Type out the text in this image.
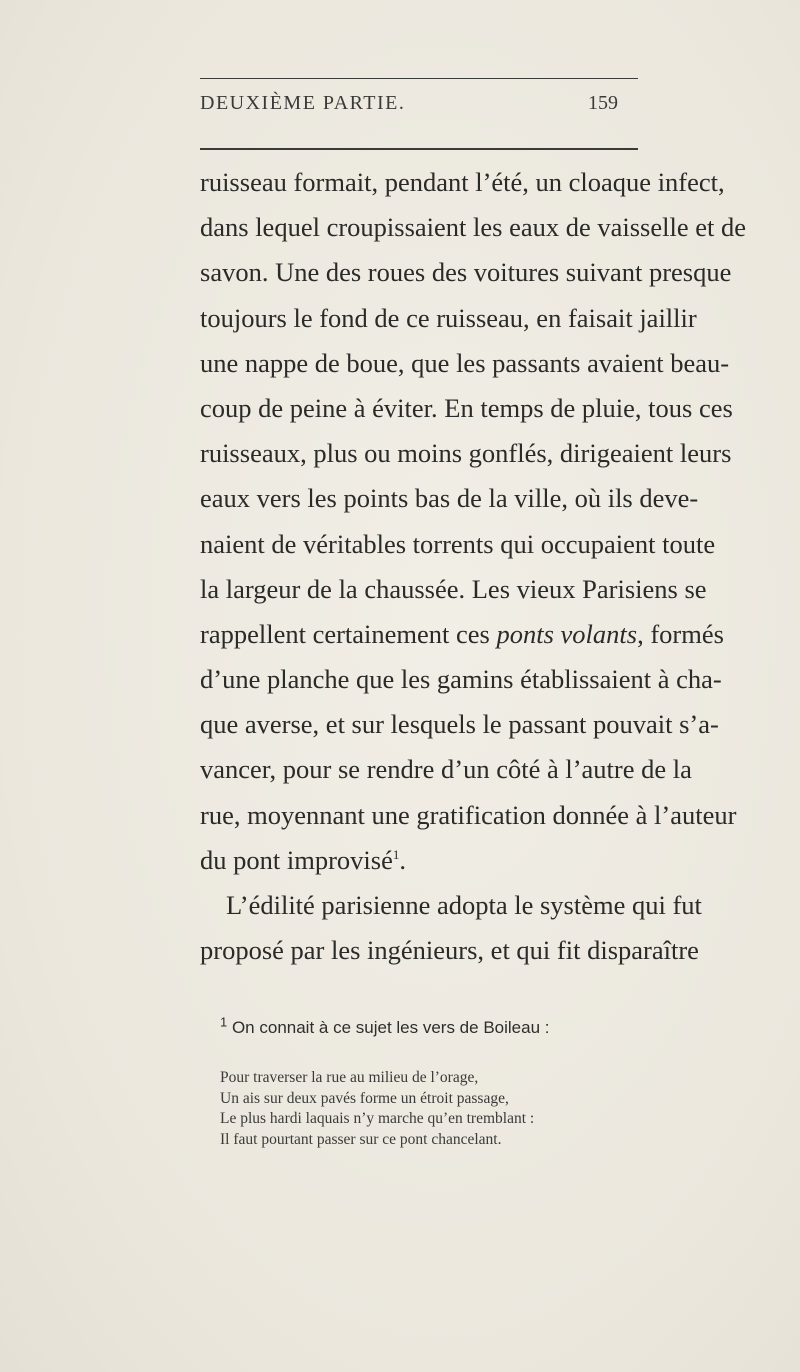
DEUXIÈME PARTIE.	159
ruisseau formait, pendant l’été, un cloaque infect,
dans lequel croupissaient les eaux de vaisselle et de
savon. Une des roues des voitures suivant presque
toujours le fond de ce ruisseau, en faisait jaillir
une nappe de boue, que les passants avaient beau-
coup de peine à éviter. En temps de pluie, tous ces
ruisseaux, plus ou moins gonflés, dirigeaient leurs
eaux vers les points bas de la ville, où ils deve-
naient de véritables torrents qui occupaient toute
la largeur de la chaussée. Les vieux Parisiens se
rappellent certainement ces ponts volants, formés
d’une planche que les gamins établissaient à cha-
que averse, et sur lesquels le passant pouvait s’a-
vancer, pour se rendre d’un côté à l’autre de la
rue, moyennant une gratification donnée à l’auteur
du pont improvisé$^1$.
L’édilité parisienne adopta le système qui fut
proposé par les ingénieurs, et qui fit disparaître
$^1$ On connait à ce sujet les vers de Boileau :
Pour traverser la rue au milieu de l’orage,
Un ais sur deux pavés forme un étroit passage,
Le plus hardi laquais n’y marche qu’en tremblant :
Il faut pourtant passer sur ce pont chancelant.
